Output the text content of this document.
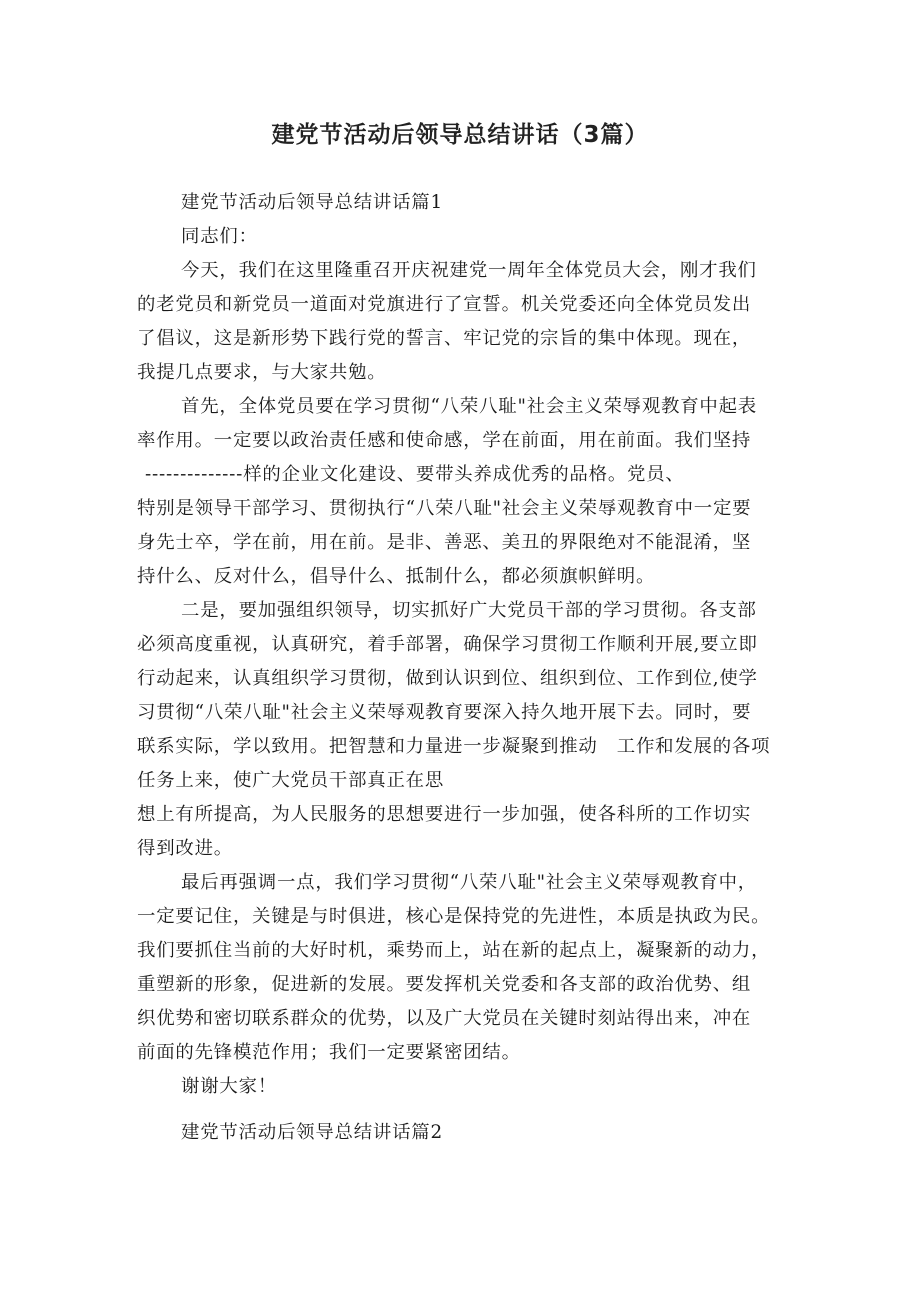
建党节活动后领导总结讲话（3篇）
建党节活动后领导总结讲话篇1
同志们：
今天，我们在这里隆重召开庆祝建党一周年全体党员大会，刚才我们
的老党员和新党员一道面对党旗进行了宣誓。机关党委还向全体党员发出
了倡议，这是新形势下践行党的誓言、牢记党的宗旨的集中体现。现在，
我提几点要求，与大家共勉。
首先，全体党员要在学习贯彻“八荣八耻"社会主义荣辱观教育中起表
率作用。一定要以政治责任感和使命感，学在前面，用在前面。我们坚持
--------------样的企业文化建设、要带头养成优秀的品格。党员、
特别是领导干部学习、贯彻执行“八荣八耻"社会主义荣辱观教育中一定要
身先士卒，学在前，用在前。是非、善恶、美丑的界限绝对不能混淆，坚
持什么、反对什么，倡导什么、抵制什么，都必须旗帜鲜明。
二是，要加强组织领导，切实抓好广大党员干部的学习贯彻。各支部
必须高度重视，认真研究，着手部署，确保学习贯彻工作顺利开展,要立即
行动起来，认真组织学习贯彻，做到认识到位、组织到位、工作到位,使学
习贯彻“八荣八耻"社会主义荣辱观教育要深入持久地开展下去。同时，要
联系实际，学以致用。把智慧和力量进一步凝聚到推动　工作和发展的各项
任务上来，使广大党员干部真正在思
想上有所提高，为人民服务的思想要进行一步加强，使各科所的工作切实
得到改进。
最后再强调一点，我们学习贯彻“八荣八耻"社会主义荣辱观教育中，
一定要记住，关键是与时俱进，核心是保持党的先进性，本质是执政为民。
我们要抓住当前的大好时机，乘势而上，站在新的起点上，凝聚新的动力，
重塑新的形象，促进新的发展。要发挥机关党委和各支部的政治优势、组
织优势和密切联系群众的优势，以及广大党员在关键时刻站得出来，冲在
前面的先锋模范作用；我们一定要紧密团结。
谢谢大家！
建党节活动后领导总结讲话篇2
